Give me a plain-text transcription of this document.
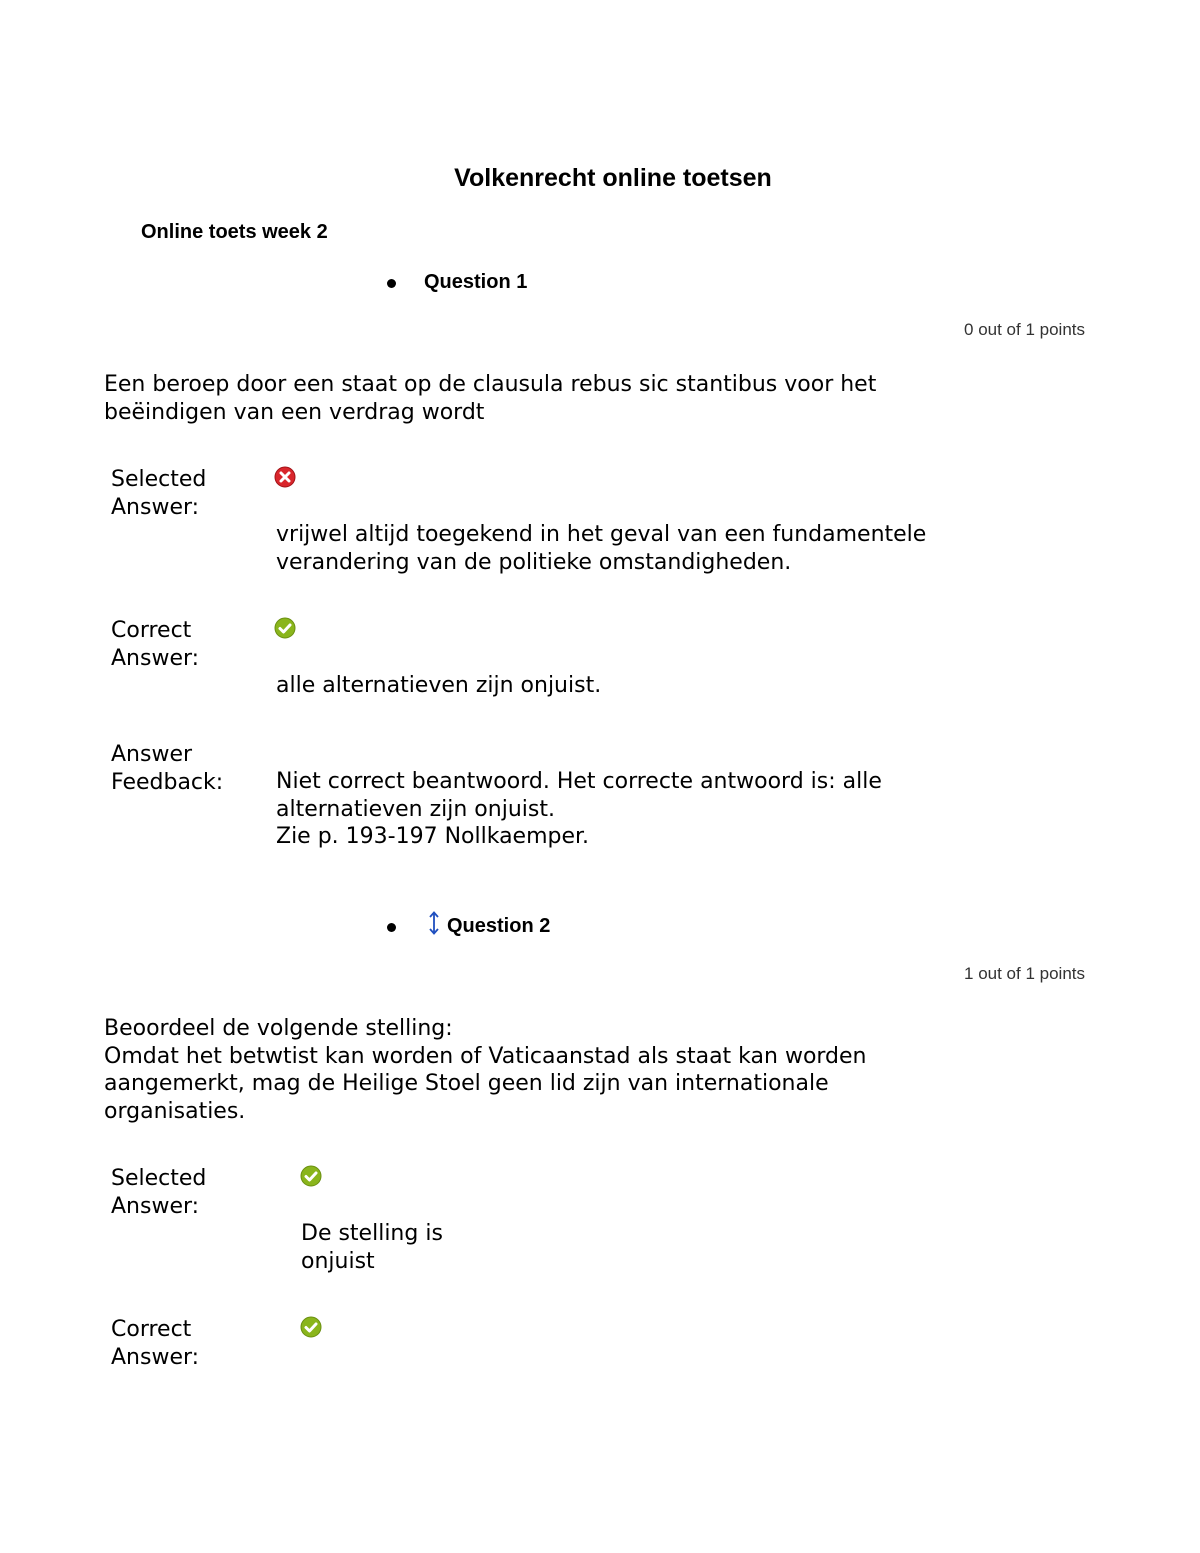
Volkenrecht online toetsen
Online toets week 2
Question 1
0 out of 1 points
Een beroep door een staat op de clausula rebus sic stantibus voor het
beëindigen van een verdrag wordt
Selected
Answer:
vrijwel altijd toegekend in het geval van een fundamentele
verandering van de politieke omstandigheden.
Correct
Answer:
alle alternatieven zijn onjuist.
Answer
Feedback:	Niet correct beantwoord. Het correcte antwoord is: alle
alternatieven zijn onjuist.
Zie p. 193-197 Nollkaemper.
Question 2
1 out of 1 points
Beoordeel de volgende stelling:
Omdat het betwtist kan worden of Vaticaanstad als staat kan worden
aangemerkt, mag de Heilige Stoel geen lid zijn van internationale
organisaties.
Selected
Answer:
De stelling is
onjuist
Correct
Answer:
